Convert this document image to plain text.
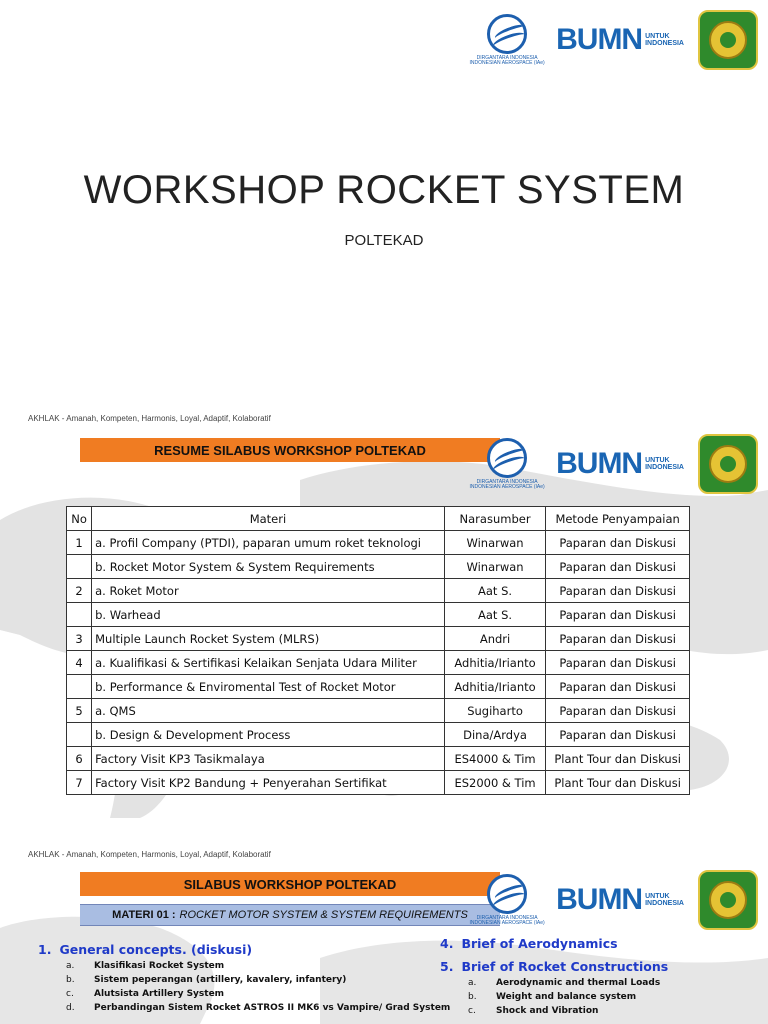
DIRGANTARA INDONESIA
INDONESIAN AEROSPACE (IAe)
BUMN UNTUK
INDONESIA
WORKSHOP ROCKET SYSTEM
POLTEKAD
AKHLAK - Amanah, Kompeten, Harmonis, Loyal, Adaptif, Kolaboratif
RESUME SILABUS WORKSHOP POLTEKAD
DIRGANTARA INDONESIA
INDONESIAN AEROSPACE (IAe)
BUMN UNTUK
INDONESIA
No	Materi	Narasumber	Metode Penyampaian
1	a. Profil Company (PTDI), paparan umum roket teknologi	Winarwan	Paparan dan Diskusi
	b. Rocket Motor System & System Requirements	Winarwan	Paparan dan Diskusi
2	a. Roket Motor	Aat S.	Paparan dan Diskusi
	b. Warhead	Aat S.	Paparan dan Diskusi
3	Multiple Launch Rocket System (MLRS)	Andri	Paparan dan Diskusi
4	a. Kualifikasi & Sertifikasi Kelaikan Senjata Udara Militer	Adhitia/Irianto	Paparan dan Diskusi
	b. Performance & Enviromental Test of Rocket Motor	Adhitia/Irianto	Paparan dan Diskusi
5	a. QMS	Sugiharto	Paparan dan Diskusi
	b. Design & Development Process	Dina/Ardya	Paparan dan Diskusi
6	Factory Visit KP3 Tasikmalaya	ES4000 & Tim	Plant Tour dan Diskusi
7	Factory Visit KP2 Bandung + Penyerahan Sertifikat	ES2000 & Tim	Plant Tour dan Diskusi
AKHLAK - Amanah, Kompeten, Harmonis, Loyal, Adaptif, Kolaboratif
SILABUS WORKSHOP POLTEKAD
MATERI 01 : ROCKET MOTOR SYSTEM & SYSTEM REQUIREMENTS	DIRGANTARA INDONESIA
INDONESIAN AEROSPACE (IAe)
BUMN UNTUK
INDONESIA
1. General concepts. (diskusi)
a.	Klasifikasi Rocket System
b.	Sistem peperangan (artillery, kavalery, infantery)
c.	Alutsista Artillery System
d.	Perbandingan Sistem Rocket ASTROS II MK6 vs Vampire/ Grad System
4. Brief of Aerodynamics
5. Brief of Rocket Constructions
a.	Aerodynamic and thermal Loads
b.	Weight and balance system
c.	Shock and Vibration
